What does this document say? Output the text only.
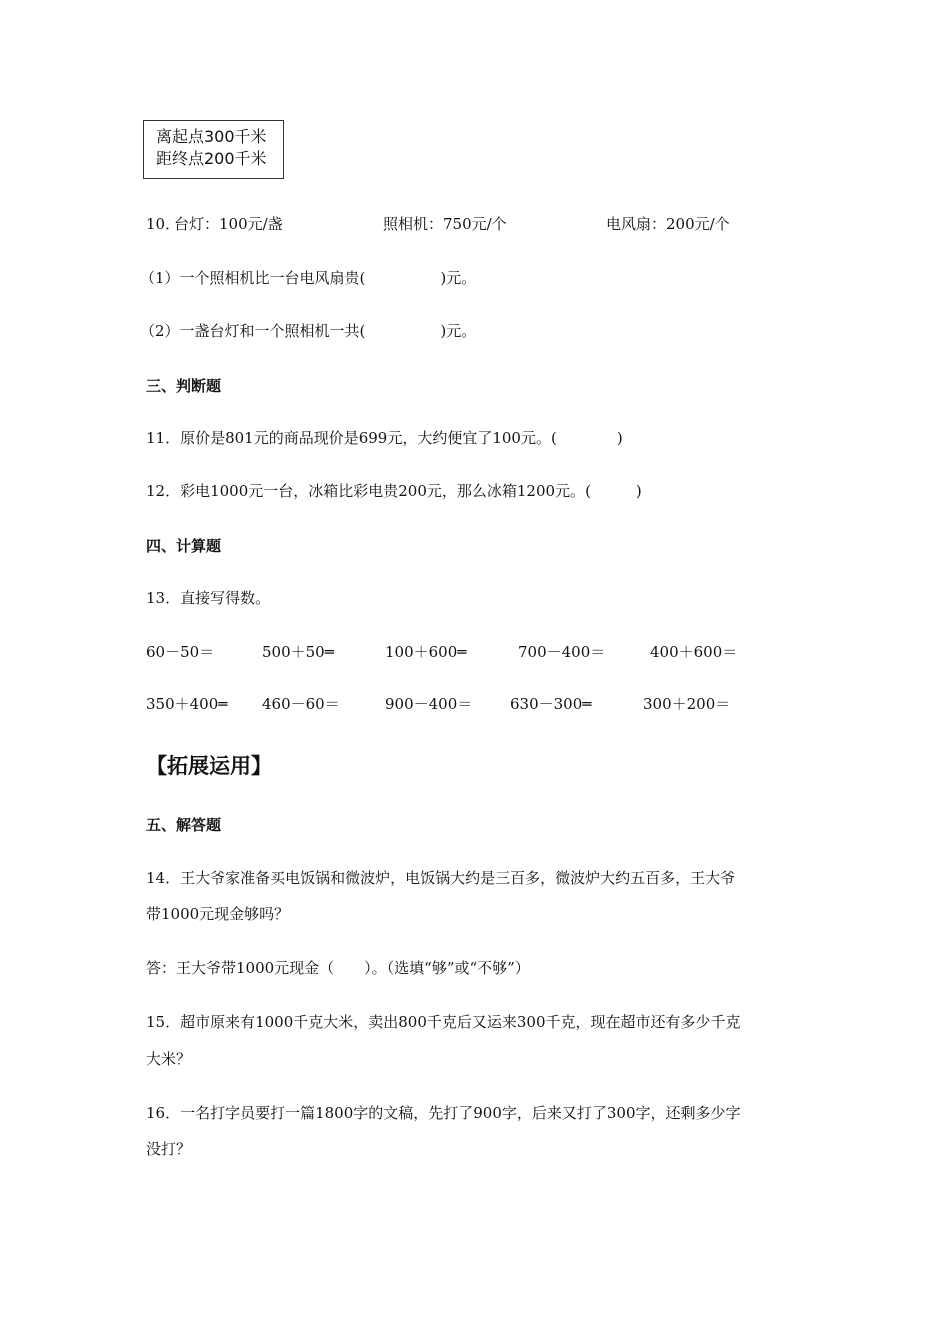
离起点300千米
距终点200千米
10．
台灯：100元/盏	照相机：750元/个	电风扇：200元/个
（1）一个照相机比一台电风扇贵(　　　　　)元。
（2）一盏台灯和一个照相机一共(　　　　　)元。
三、判断题
11．原价是801元的商品现价是699元，大约便宜了100元。(　　　　)
12．彩电1000元一台，冰箱比彩电贵200元，那么冰箱1200元。(　　　)
四、计算题
13．直接写得数。
60－50＝	500＋50═	100＋600═	700－400＝	400＋600＝
350＋400═ 460－60＝	900－400＝	630－300═	300＋200＝
【拓展运用】
五、解答题
14．王大爷家准备买电饭锅和微波炉，电饭锅大约是三百多，微波炉大约五百多，王大爷
带1000元现金够吗？
答：王大爷带1000元现金（　　）。（选填“够”或“不够”）
15．超市原来有1000千克大米，卖出800千克后又运来300千克，现在超市还有多少千克
大米？
16．一名打字员要打一篇1800字的文稿，先打了900字，后来又打了300字，还剩多少字
没打？
